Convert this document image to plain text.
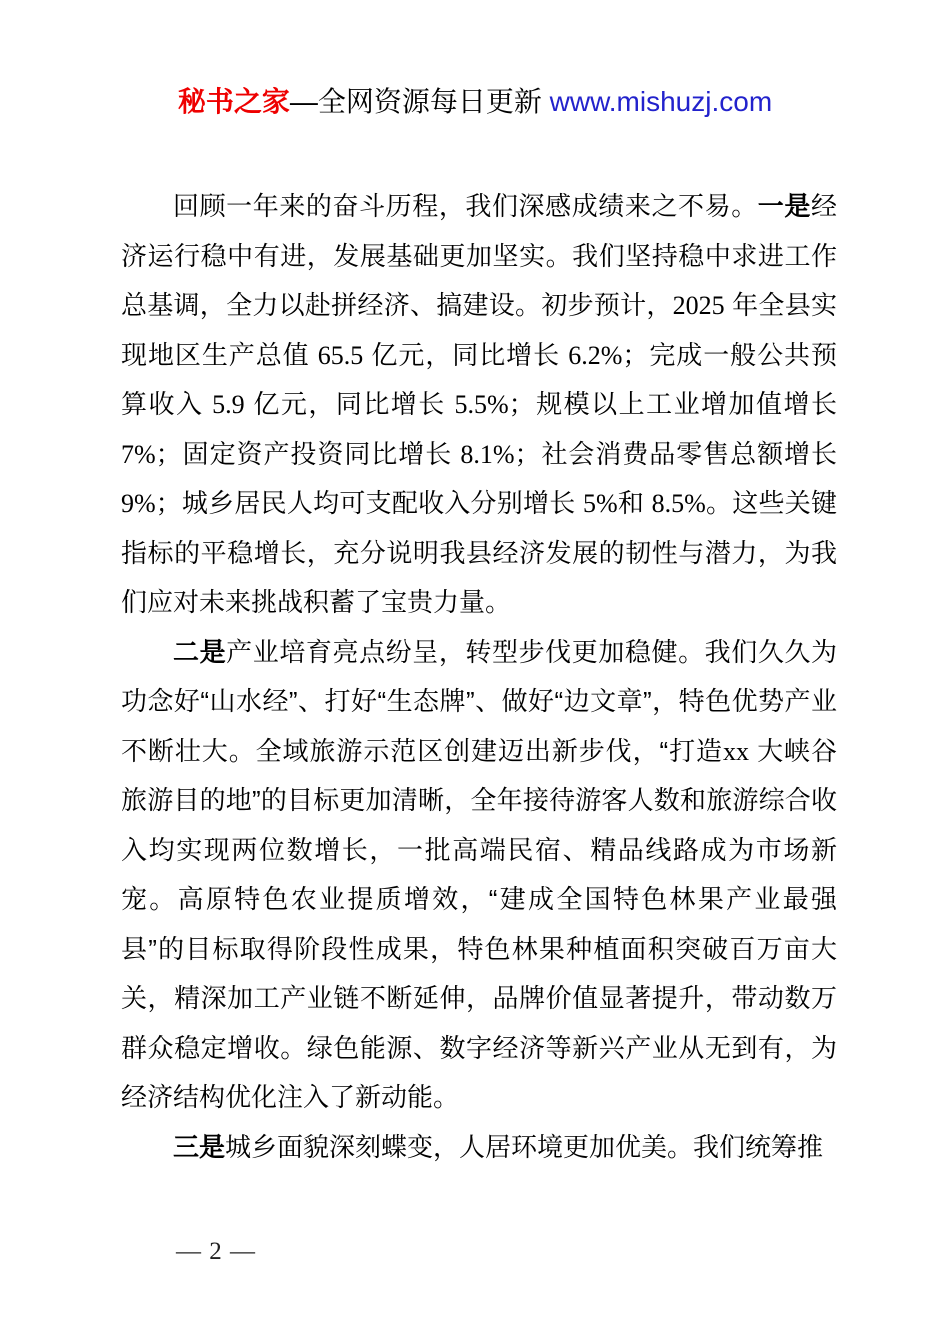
秘书之家—全网资源每日更新 www.mishuzj.com

回顾一年来的奋斗历程，我们深感成绩来之不易。一是经济运行稳中有进，发展基础更加坚实。我们坚持稳中求进工作总基调，全力以赴拼经济、搞建设。初步预计，2025 年全县实现地区生产总值 65.5 亿元，同比增长 6.2%；完成一般公共预算收入 5.9 亿元，同比增长 5.5%；规模以上工业增加值增长 7%；固定资产投资同比增长 8.1%；社会消费品零售总额增长 9%；城乡居民人均可支配收入分别增长 5%和 8.5%。这些关键指标的平稳增长，充分说明我县经济发展的韧性与潜力，为我们应对未来挑战积蓄了宝贵力量。

二是产业培育亮点纷呈，转型步伐更加稳健。我们久久为功念好“山水经”、打好“生态牌”、做好“边文章”，特色优势产业不断壮大。全域旅游示范区创建迈出新步伐，“打造xx 大峡谷旅游目的地”的目标更加清晰，全年接待游客人数和旅游综合收入均实现两位数增长，一批高端民宿、精品线路成为市场新宠。高原特色农业提质增效，“建成全国特色林果产业最强县”的目标取得阶段性成果，特色林果种植面积突破百万亩大关，精深加工产业链不断延伸，品牌价值显著提升，带动数万群众稳定增收。绿色能源、数字经济等新兴产业从无到有，为经济结构优化注入了新动能。

三是城乡面貌深刻蝶变，人居环境更加优美。我们统筹推

— 2 —
